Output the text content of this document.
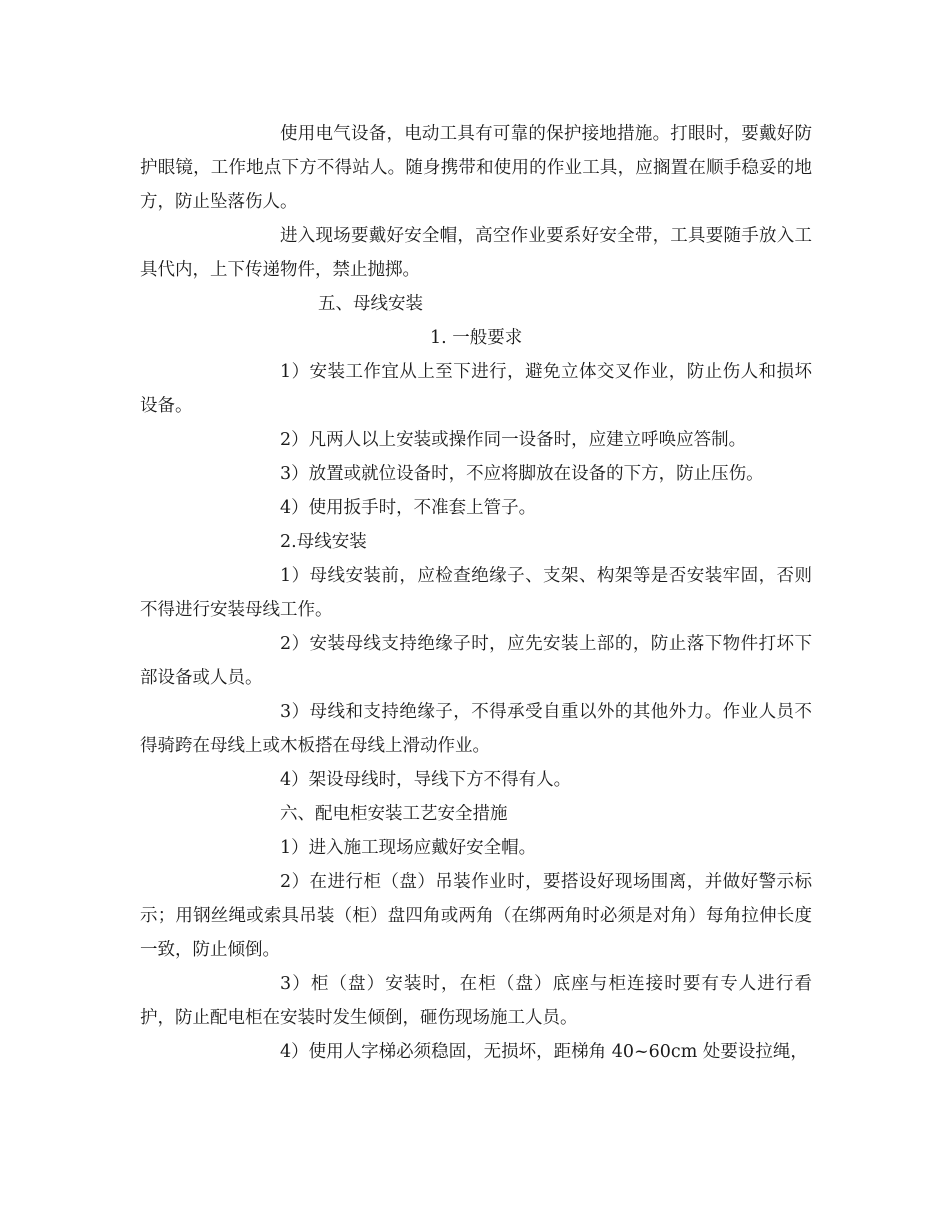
使用电气设备，电动工具有可靠的保护接地措施。打眼时，要戴好防护眼镜，工作地点下方不得站人。随身携带和使用的作业工具，应搁置在顺手稳妥的地方，防止坠落伤人。

进入现场要戴好安全帽，高空作业要系好安全带，工具要随手放入工具代内，上下传递物件，禁止抛掷。

五、母线安装

1. 一般要求

1）安装工作宜从上至下进行，避免立体交叉作业，防止伤人和损坏设备。

2）凡两人以上安装或操作同一设备时，应建立呼唤应答制。

3）放置或就位设备时，不应将脚放在设备的下方，防止压伤。

4）使用扳手时，不准套上管子。

2.母线安装

1）母线安装前，应检查绝缘子、支架、构架等是否安装牢固，否则不得进行安装母线工作。

2）安装母线支持绝缘子时，应先安装上部的，防止落下物件打坏下部设备或人员。

3）母线和支持绝缘子，不得承受自重以外的其他外力。作业人员不得骑跨在母线上或木板搭在母线上滑动作业。

4）架设母线时，导线下方不得有人。

六、配电柜安装工艺安全措施

1）进入施工现场应戴好安全帽。

2）在进行柜（盘）吊装作业时，要搭设好现场围离，并做好警示标示；用钢丝绳或索具吊装（柜）盘四角或两角（在绑两角时必须是对角）每角拉伸长度一致，防止倾倒。

3）柜（盘）安装时，在柜（盘）底座与柜连接时要有专人进行看护，防止配电柜在安装时发生倾倒，砸伤现场施工人员。

4）使用人字梯必须稳固，无损坏，距梯角 40~60cm 处要设拉绳，
